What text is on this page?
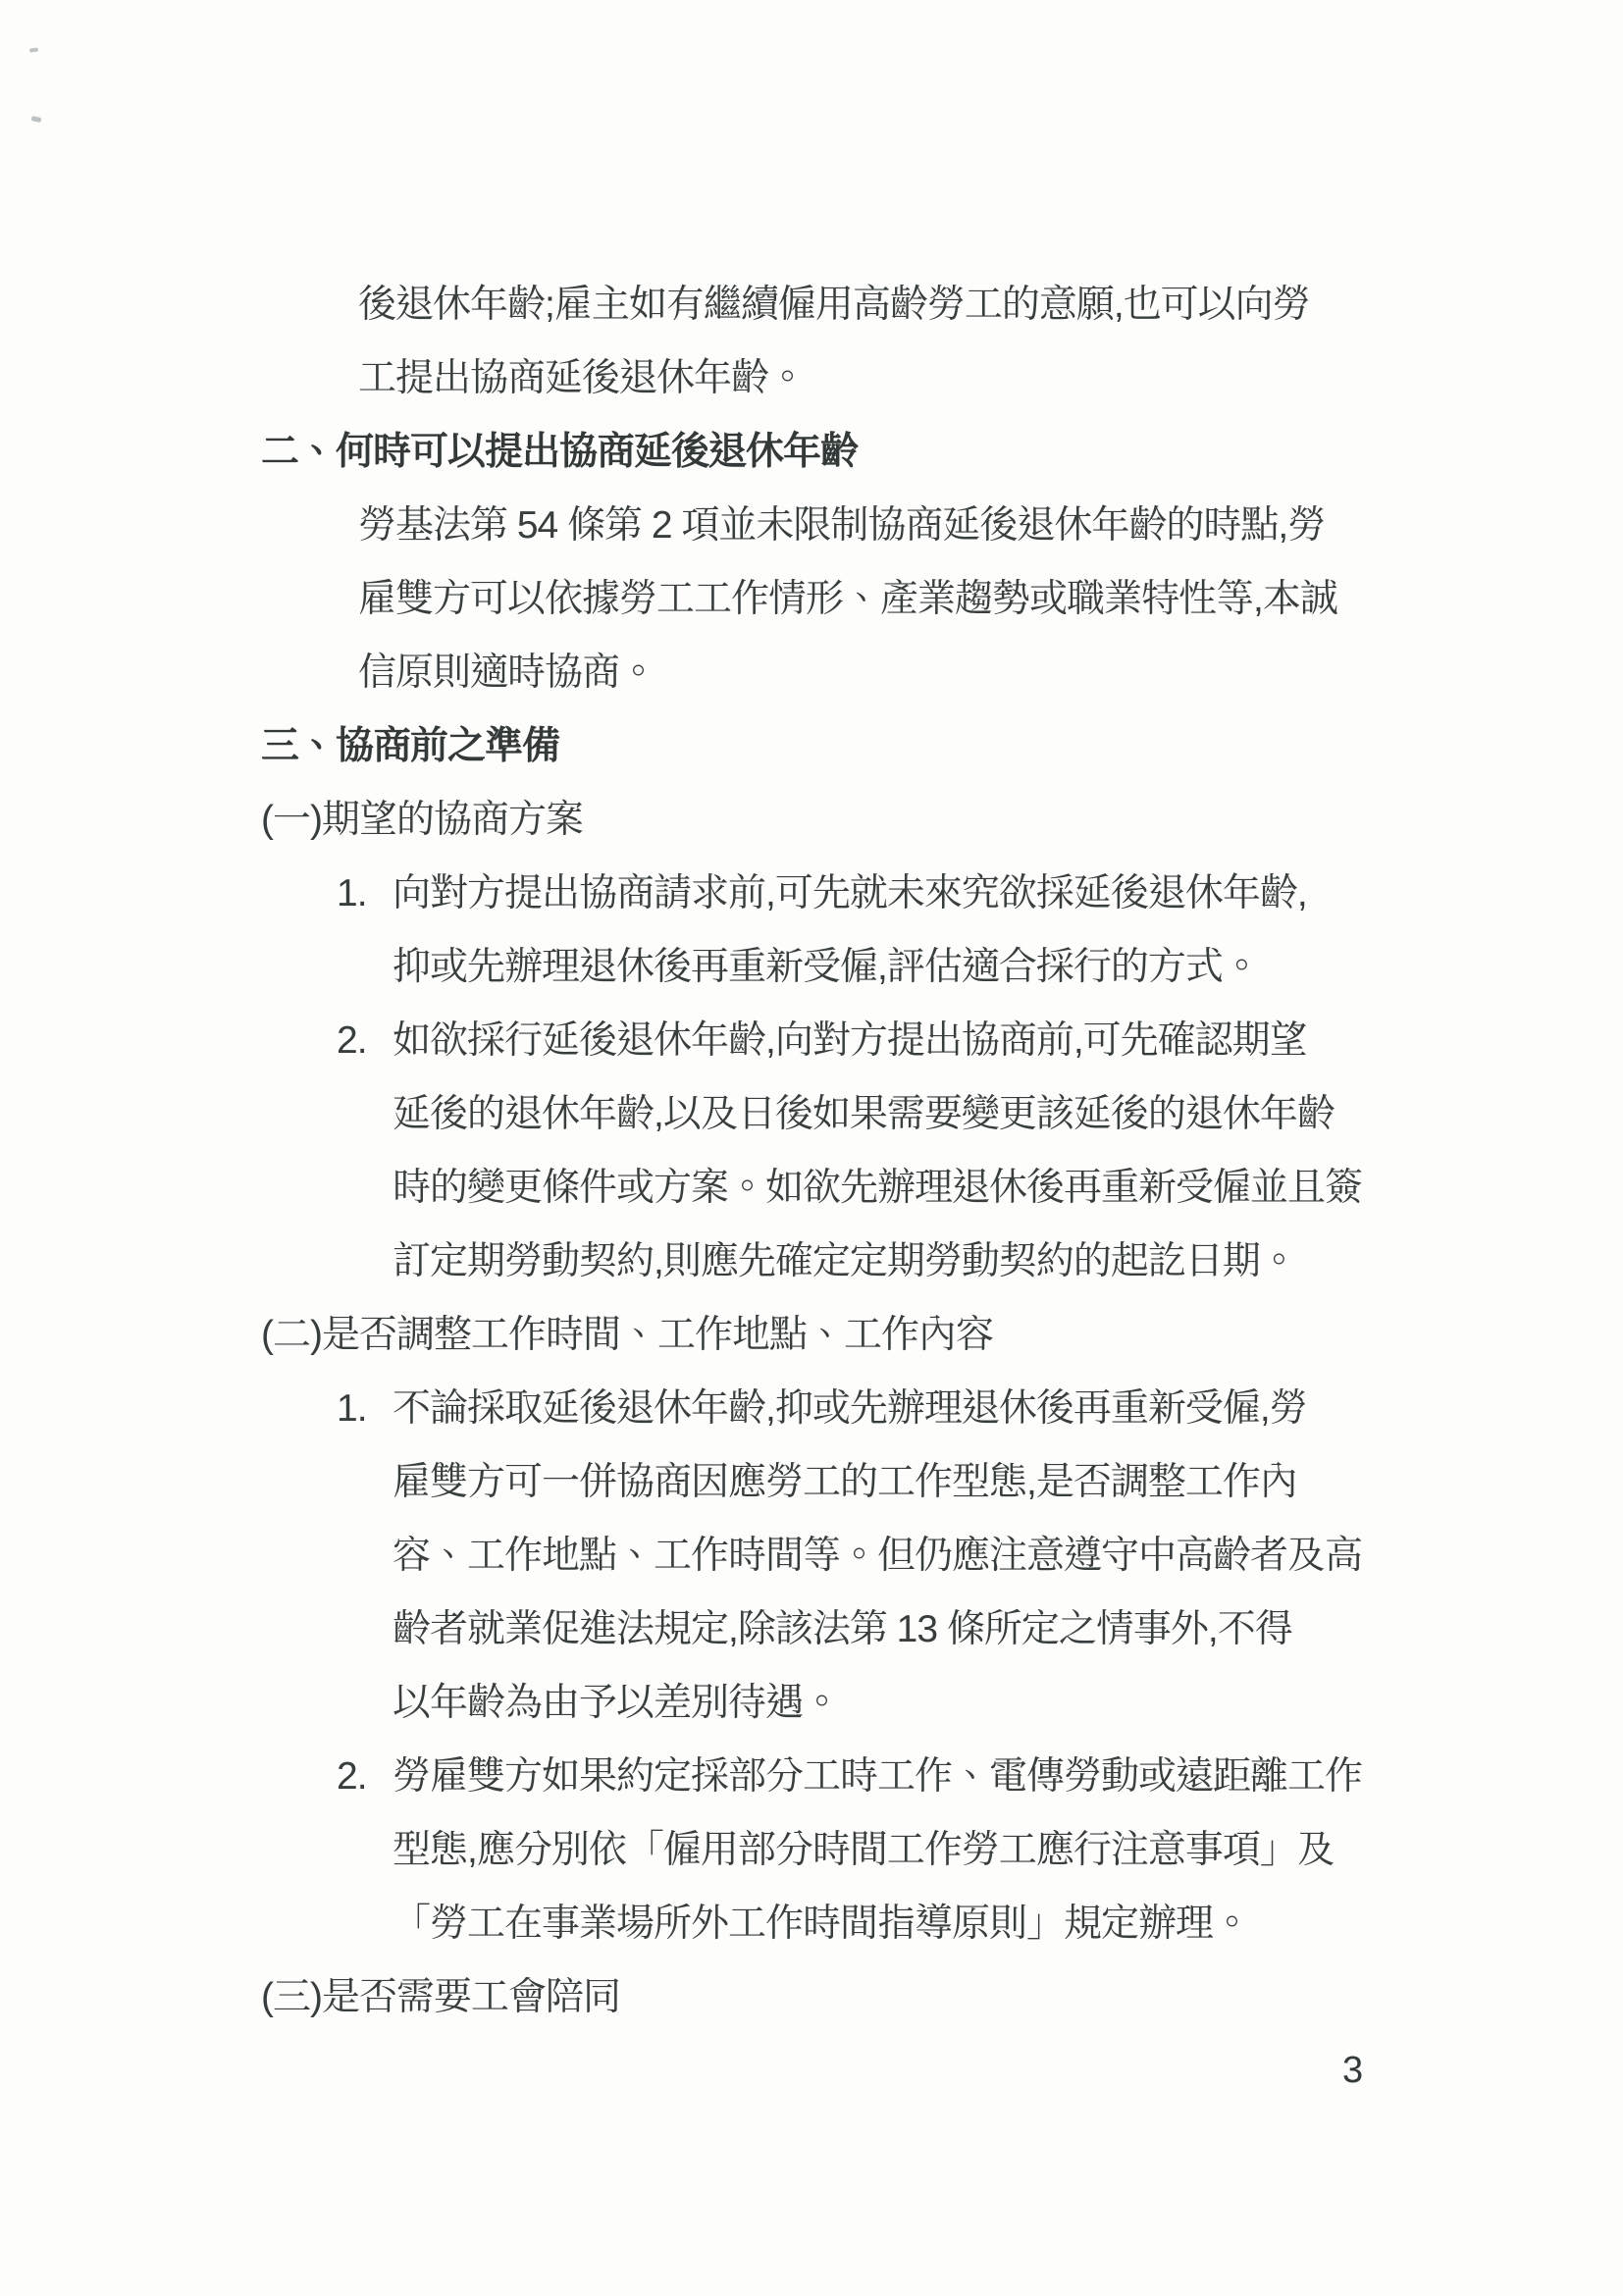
後退休年齡;雇主如有繼續僱用高齡勞工的意願,也可以向勞
工提出協商延後退休年齡。
二、何時可以提出協商延後退休年齡
勞基法第 54 條第 2 項並未限制協商延後退休年齡的時點,勞
雇雙方可以依據勞工工作情形、產業趨勢或職業特性等,本誠
信原則適時協商。
三、協商前之準備
(一)期望的協商方案
1. 向對方提出協商請求前,可先就未來究欲採延後退休年齡,
抑或先辦理退休後再重新受僱,評估適合採行的方式。
2. 如欲採行延後退休年齡,向對方提出協商前,可先確認期望
延後的退休年齡,以及日後如果需要變更該延後的退休年齡
時的變更條件或方案。如欲先辦理退休後再重新受僱並且簽
訂定期勞動契約,則應先確定定期勞動契約的起訖日期。
(二)是否調整工作時間、工作地點、工作內容
1. 不論採取延後退休年齡,抑或先辦理退休後再重新受僱,勞
雇雙方可一併協商因應勞工的工作型態,是否調整工作內
容、工作地點、工作時間等。但仍應注意遵守中高齡者及高
齡者就業促進法規定,除該法第 13 條所定之情事外,不得
以年齡為由予以差別待遇。
2. 勞雇雙方如果約定採部分工時工作、電傳勞動或遠距離工作
型態,應分別依「僱用部分時間工作勞工應行注意事項」及
「勞工在事業場所外工作時間指導原則」規定辦理。
(三)是否需要工會陪同
3
